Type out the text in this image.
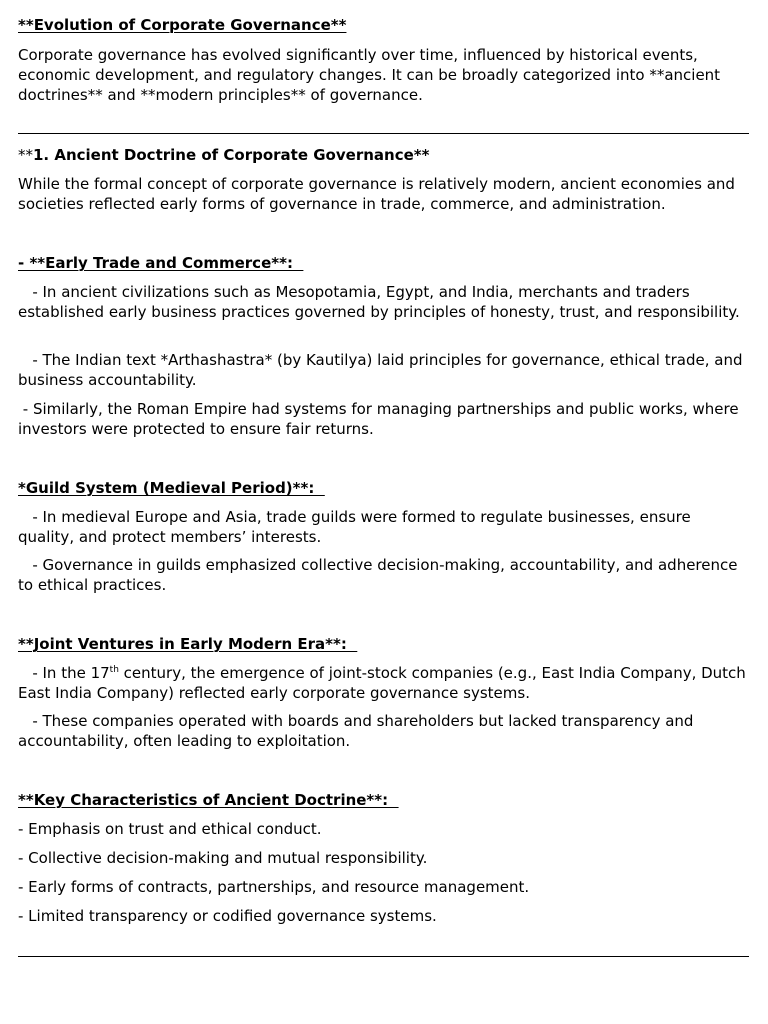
**Evolution of Corporate Governance**

Corporate governance has evolved significantly over time, influenced by historical events, economic development, and regulatory changes. It can be broadly categorized into **ancient doctrines** and **modern principles** of governance.

**1. Ancient Doctrine of Corporate Governance**

While the formal concept of corporate governance is relatively modern, ancient economies and societies reflected early forms of governance in trade, commerce, and administration.

- **Early Trade and Commerce**:

- In ancient civilizations such as Mesopotamia, Egypt, and India, merchants and traders established early business practices governed by principles of honesty, trust, and responsibility.

- The Indian text *Arthashastra* (by Kautilya) laid principles for governance, ethical trade, and business accountability.

- Similarly, the Roman Empire had systems for managing partnerships and public works, where investors were protected to ensure fair returns.

*Guild System (Medieval Period)**:

- In medieval Europe and Asia, trade guilds were formed to regulate businesses, ensure quality, and protect members’ interests.

- Governance in guilds emphasized collective decision-making, accountability, and adherence to ethical practices.

**Joint Ventures in Early Modern Era**:

- In the 17th century, the emergence of joint-stock companies (e.g., East India Company, Dutch East India Company) reflected early corporate governance systems.

- These companies operated with boards and shareholders but lacked transparency and accountability, often leading to exploitation.

**Key Characteristics of Ancient Doctrine**:

- Emphasis on trust and ethical conduct.

- Collective decision-making and mutual responsibility.

- Early forms of contracts, partnerships, and resource management.

- Limited transparency or codified governance systems.
